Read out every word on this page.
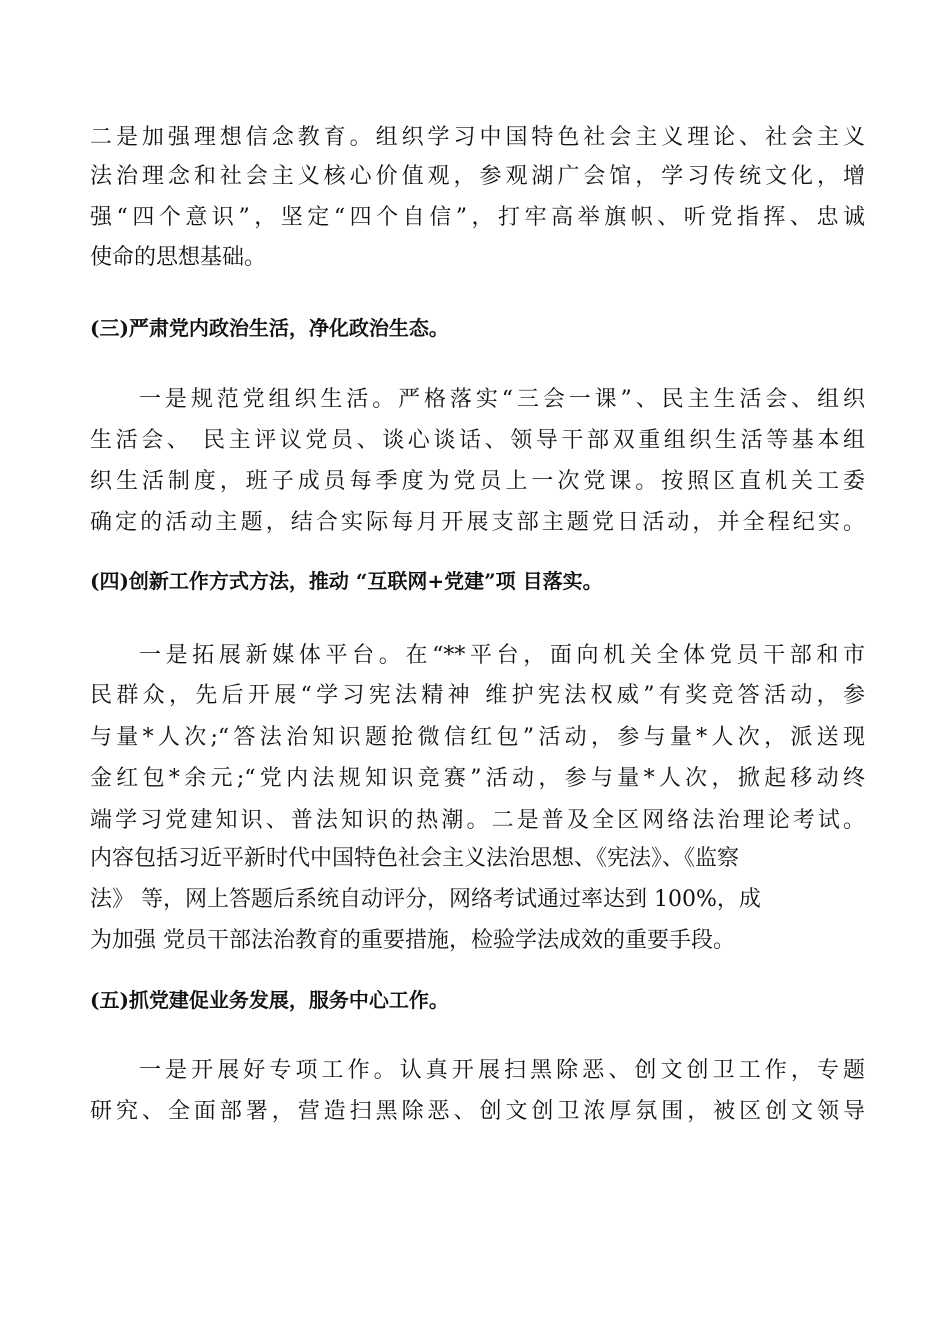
二是加强理想信念教育。组织学习中国特色社会主义理论、社会主义
法治理念和社会主义核心价值观，参观湖广会馆，学习传统文化，增
强“四个意识”，坚定“四个自信”，打牢高举旗帜、听党指挥、忠诚
使命的思想基础。
(三)严肃党内政治生活，净化政治生态。
一是规范党组织生活。严格落实“三会一课”、民主生活会、组织
生活会、 民主评议党员、谈心谈话、领导干部双重组织生活等基本组
织生活制度，班子成员每季度为党员上一次党课。按照区直机关工委
确定的活动主题，结合实际每月开展支部主题党日活动，并全程纪实。
(四)创新工作方式方法，推动 “互联网+党建”项 目落实。
一是拓展新媒体平台。在“**平台，面向机关全体党员干部和市
民群众，先后开展“学习宪法精神 维护宪法权威”有奖竞答活动，参
与量*人次;“答法治知识题抢微信红包”活动，参与量*人次，派送现
金红包*余元;“党内法规知识竞赛”活动，参与量*人次，掀起移动终
端学习党建知识、普法知识的热潮。二是普及全区网络法治理论考试。
内容包括习近平新时代中国特色社会主义法治思想、《宪法》、《监察
法》 等，网上答题后系统自动评分，网络考试通过率达到 100%，成
为加强 党员干部法治教育的重要措施，检验学法成效的重要手段。
(五)抓党建促业务发展，服务中心工作。
一是开展好专项工作。认真开展扫黑除恶、创文创卫工作，专题
研究、全面部署，营造扫黑除恶、创文创卫浓厚氛围，被区创文领导
